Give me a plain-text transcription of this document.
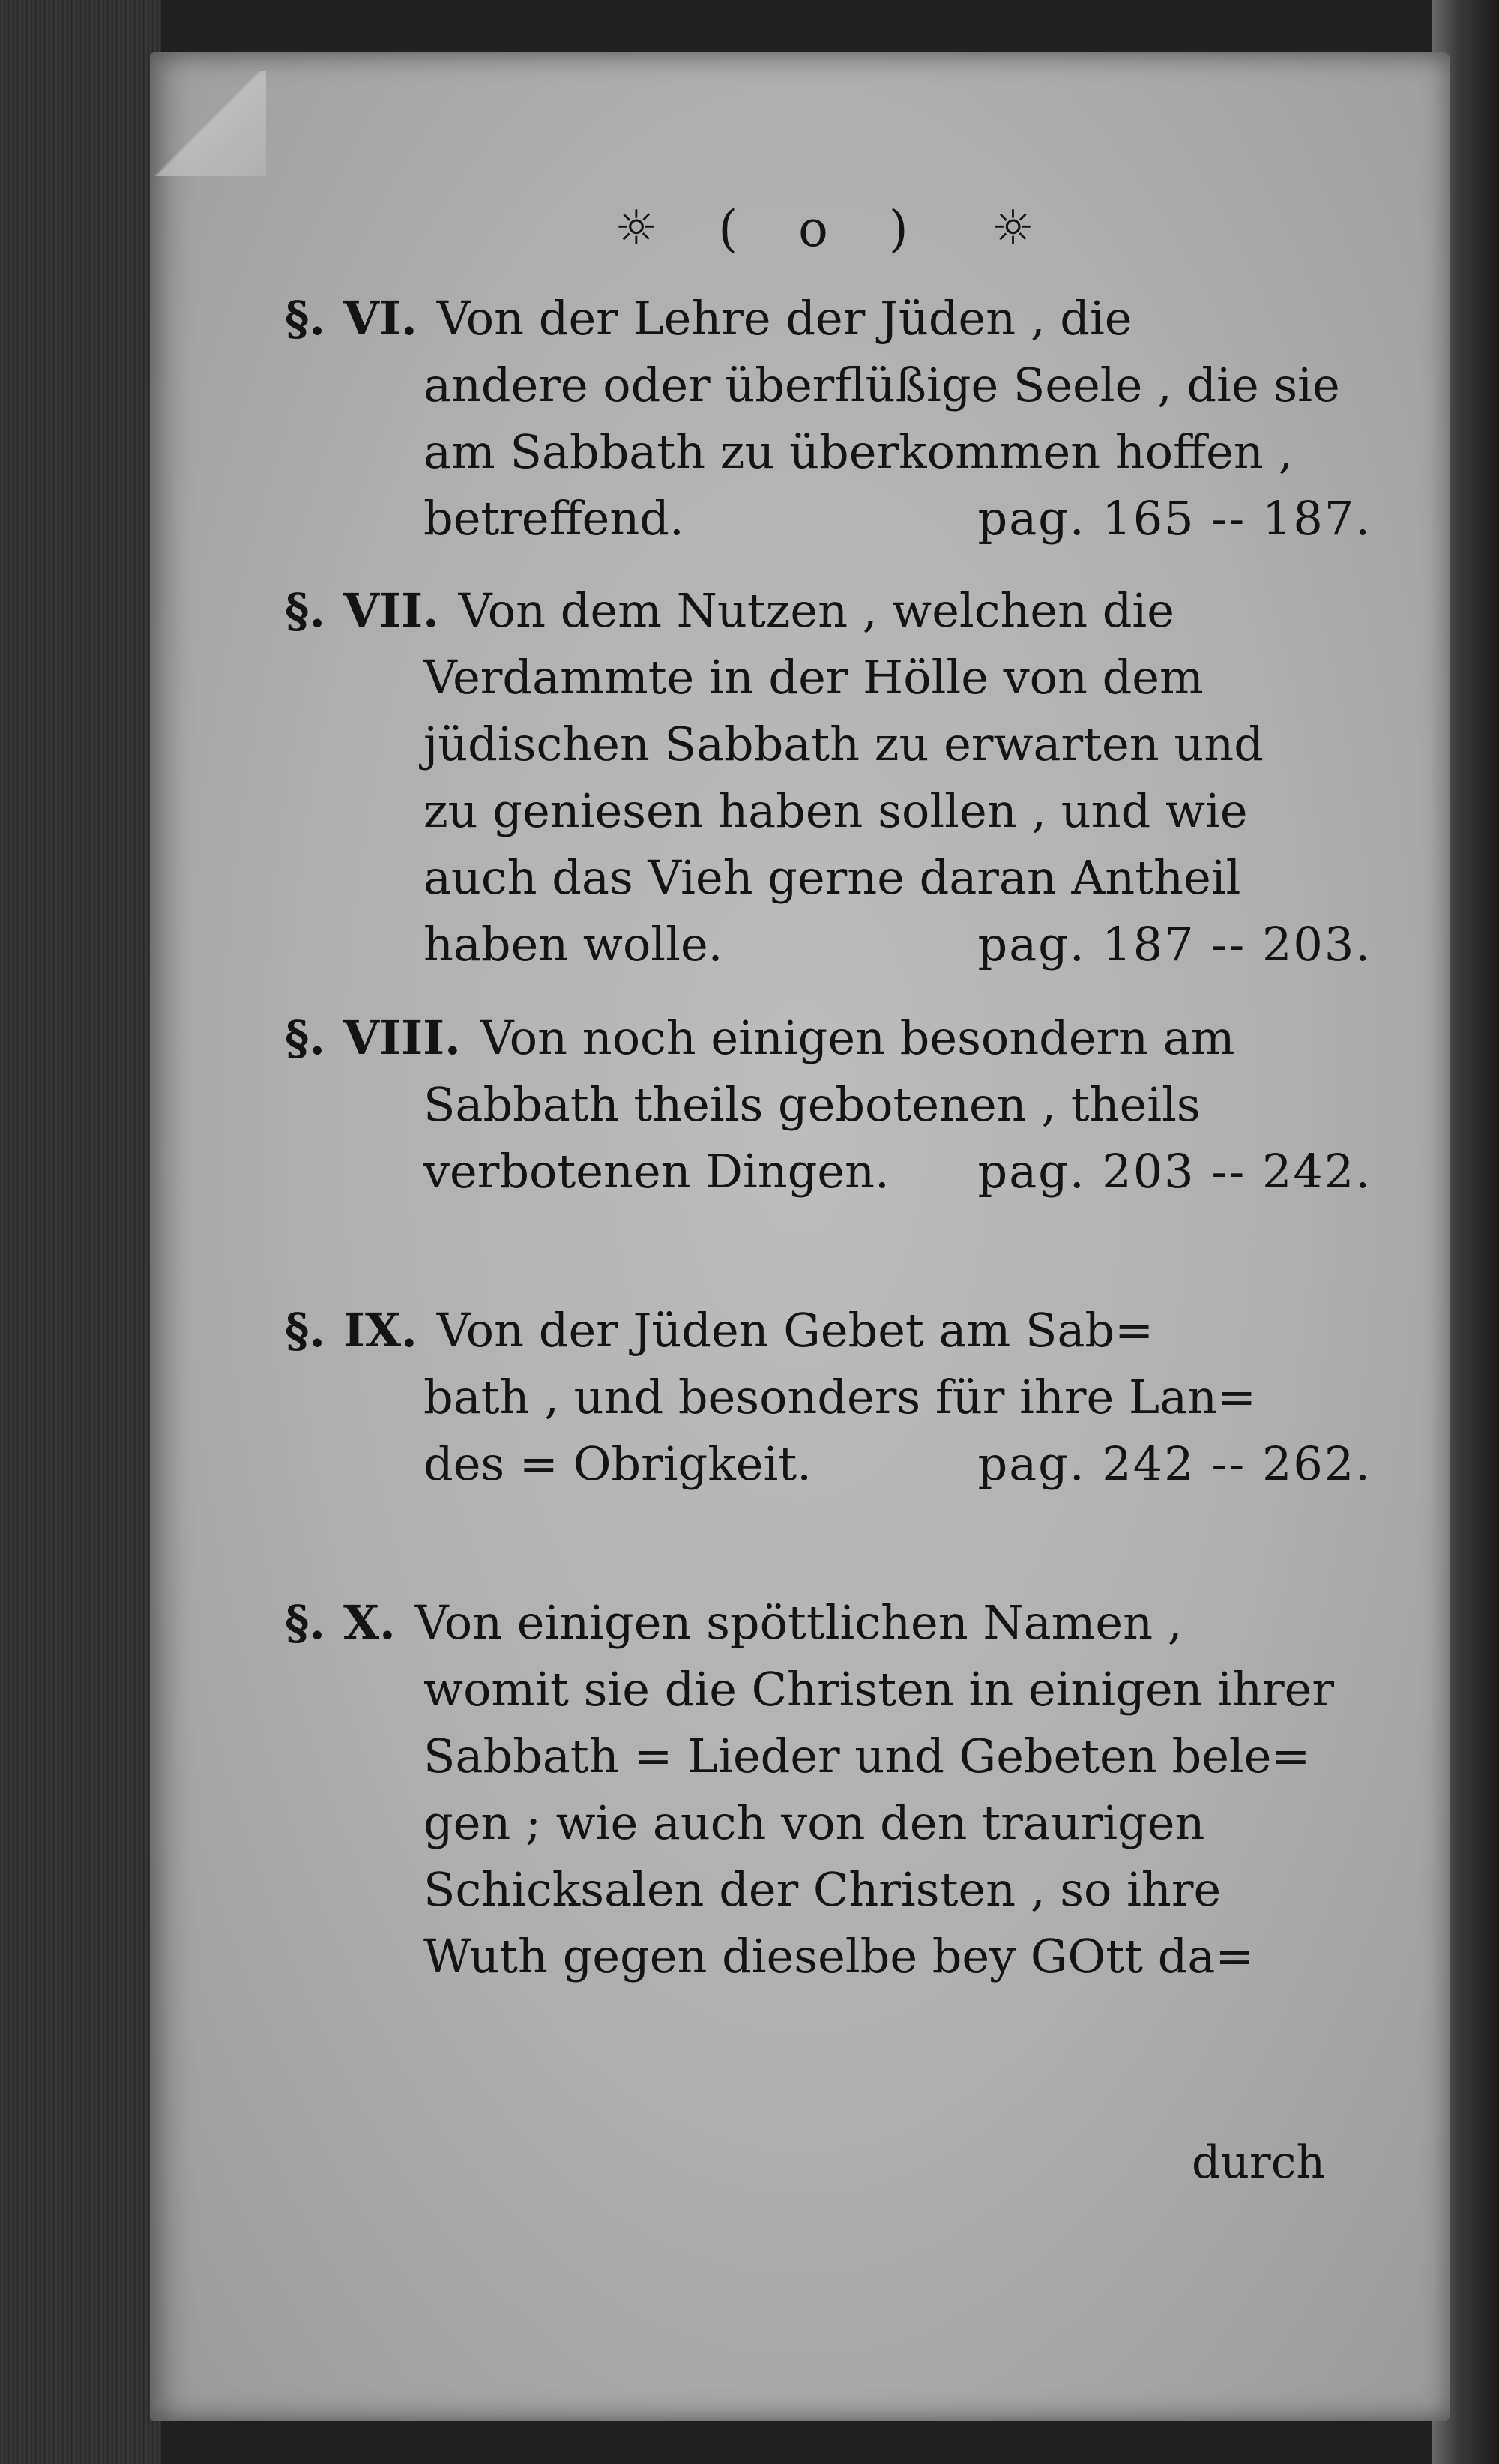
☼ ( o ) ☼
§. VI. Von der Lehre der Jüden , die
andere oder überflüßige Seele , die sie
am Sabbath zu überkommen hoffen ,
betreffend.	pag. 165 -- 187.
§. VII. Von dem Nutzen , welchen die
Verdammte in der Hölle von dem
jüdischen Sabbath zu erwarten und
zu geniesen haben sollen , und wie
auch das Vieh gerne daran Antheil
haben wolle.	pag. 187 -- 203.
§. VIII. Von noch einigen besondern am
Sabbath theils gebotenen , theils
verbotenen Dingen. pag. 203 -- 242.
§. IX. Von der Jüden Gebet am Sab=
bath , und besonders für ihre Lan=
des = Obrigkeit.	pag. 242 -- 262.
§. X. Von einigen spöttlichen Namen ,
womit sie die Christen in einigen ihrer
Sabbath = Lieder und Gebeten bele=
gen ; wie auch von den traurigen
Schicksalen der Christen , so ihre
Wuth gegen dieselbe bey GOtt da=
durch
